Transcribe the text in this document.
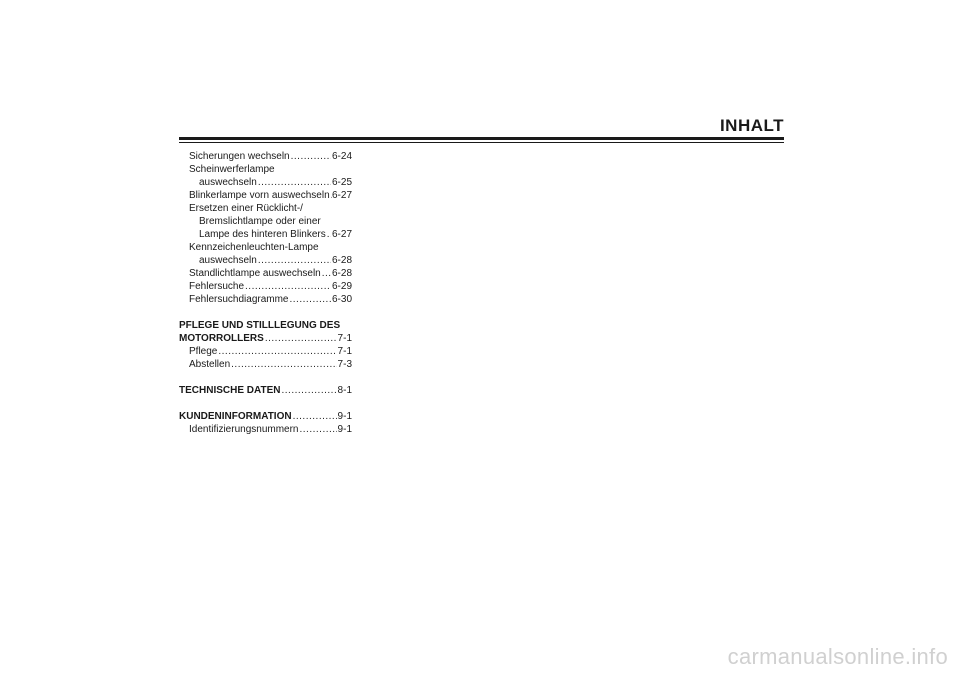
INHALT
Sicherungen wechseln .....	6-24
Scheinwerferlampe
auswechseln .....	6-25
Blinkerlampe vorn auswechseln ..... 6-27
Ersetzen einer Rücklicht-/
Bremslichtlampe oder einer
Lampe des hinteren Blinkers ..... 6-27
Kennzeichenleuchten-Lampe
auswechseln .....	6-28
Standlichtlampe auswechseln ..... 6-28
Fehlersuche .....	6-29
Fehlersuchdiagramme .....	6-30
PFLEGE UND STILLLEGUNG DES
MOTORROLLERS .....	7-1
Pflege .....	7-1
Abstellen .....	7-3
TECHNISCHE DATEN .....	8-1
KUNDENINFORMATION .....	9-1
Identifizierungsnummern .....	9-1
carmanualsonline.info
